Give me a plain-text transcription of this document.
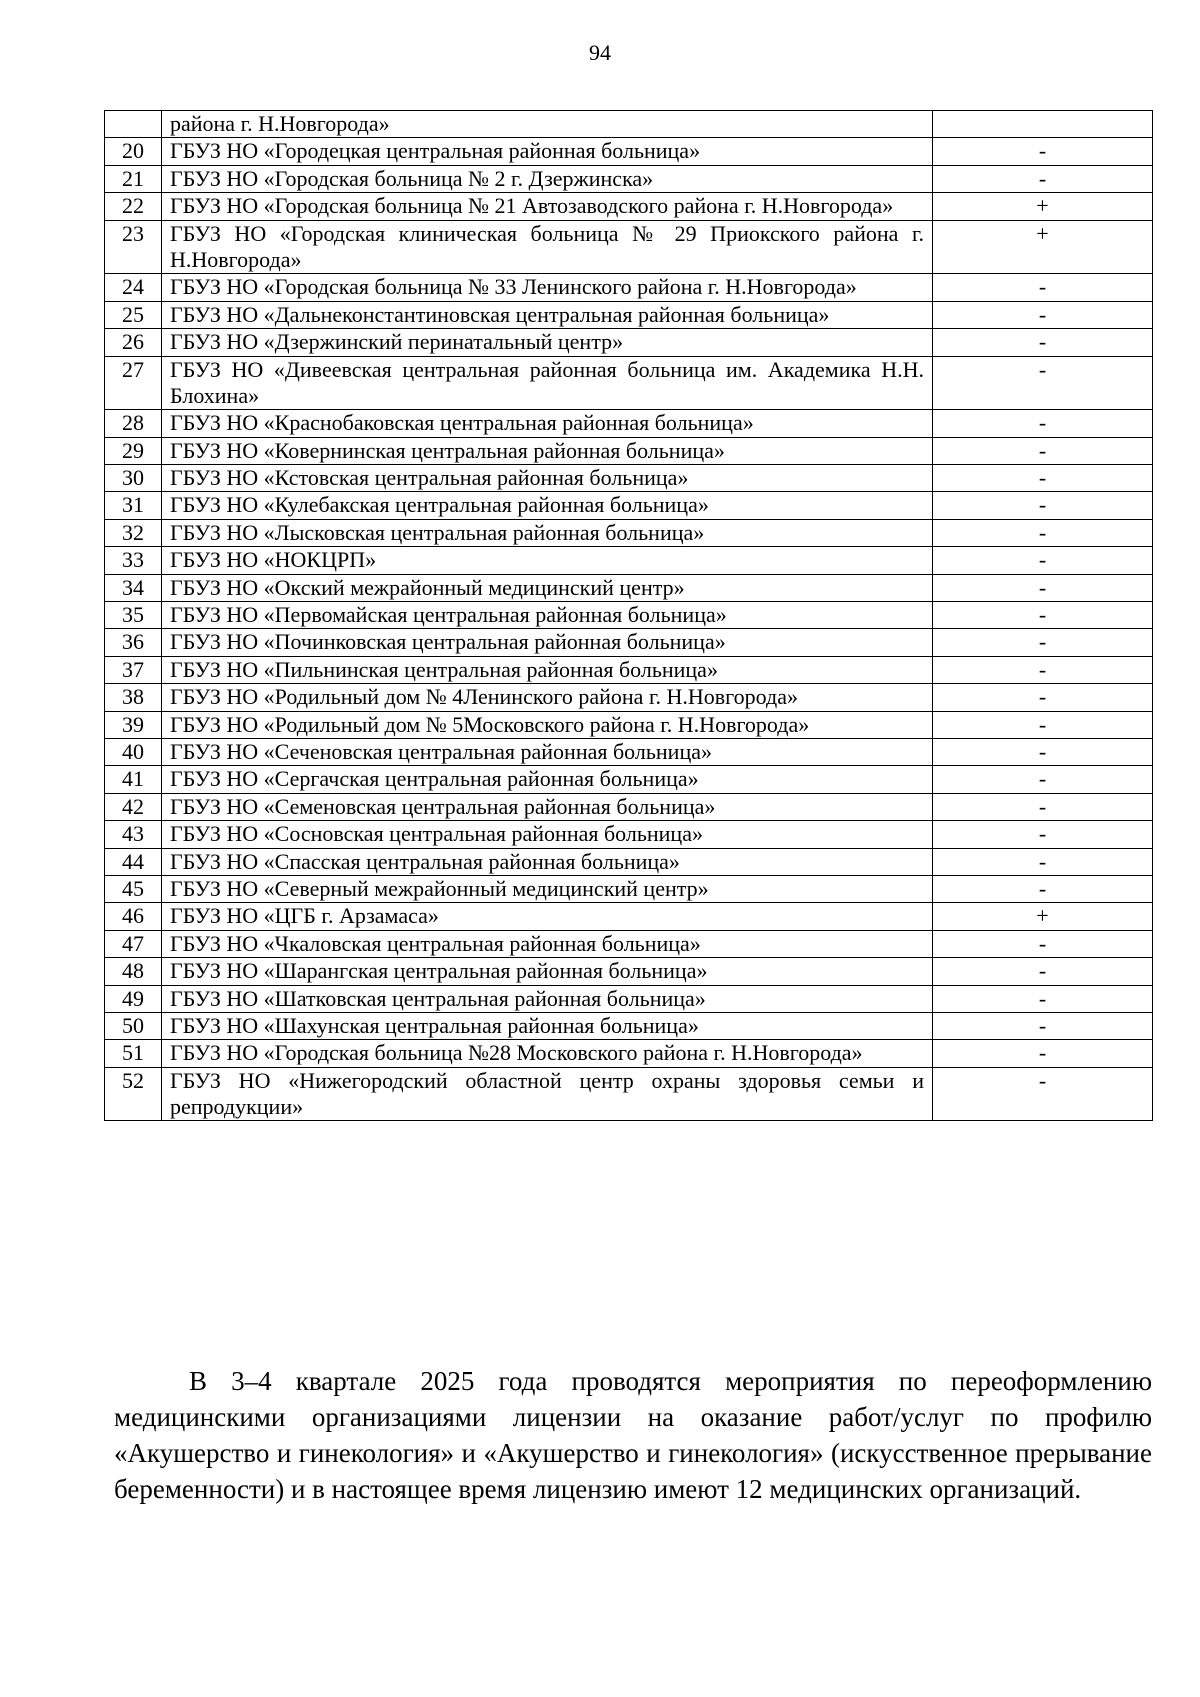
94
	района г. Н.Новгорода»	
20	ГБУЗ НО «Городецкая центральная районная больница»	-
21	ГБУЗ НО «Городская больница № 2 г. Дзержинска»	-
22	ГБУЗ НО «Городская больница № 21 Автозаводского района г. Н.Новгорода»	+
23	ГБУЗ НО «Городская клиническая больница № 29 Приокского района г. Н.Новгорода»	+
24	ГБУЗ НО «Городская больница № 33 Ленинского района г. Н.Новгорода»	-
25	ГБУЗ НО «Дальнеконстантиновская центральная районная больница»	-
26	ГБУЗ НО «Дзержинский перинатальный центр»	-
27	ГБУЗ НО «Дивеевская центральная районная больница им. Академика Н.Н. Блохина»	-
28	ГБУЗ НО «Краснобаковская центральная районная больница»	-
29	ГБУЗ НО «Ковернинская центральная районная больница»	-
30	ГБУЗ НО «Кстовская центральная районная больница»	-
31	ГБУЗ НО «Кулебакская центральная районная больница»	-
32	ГБУЗ НО «Лысковская центральная районная больница»	-
33	ГБУЗ НО «НОКЦРП»	-
34	ГБУЗ НО «Окский межрайонный медицинский центр»	-
35	ГБУЗ НО «Первомайская центральная районная больница»	-
36	ГБУЗ НО «Починковская центральная районная больница»	-
37	ГБУЗ НО «Пильнинская центральная районная больница»	-
38	ГБУЗ НО «Родильный дом № 4Ленинского района г. Н.Новгорода»	-
39	ГБУЗ НО «Родильный дом № 5Московского района г. Н.Новгорода»	-
40	ГБУЗ НО «Сеченовская центральная районная больница»	-
41	ГБУЗ НО «Сергачская центральная районная больница»	-
42	ГБУЗ НО «Семеновская центральная районная больница»	-
43	ГБУЗ НО «Сосновская центральная районная больница»	-
44	ГБУЗ НО «Спасская центральная районная больница»	-
45	ГБУЗ НО «Северный межрайонный медицинский центр»	-
46	ГБУЗ НО «ЦГБ г. Арзамаса»	+
47	ГБУЗ НО «Чкаловская центральная районная больница»	-
48	ГБУЗ НО «Шарангская центральная районная больница»	-
49	ГБУЗ НО «Шатковская центральная районная больница»	-
50	ГБУЗ НО «Шахунская центральная районная больница»	-
51	ГБУЗ НО «Городская больница №28 Московского района г. Н.Новгорода»	-
52	ГБУЗ НО «Нижегородский областной центр охраны здоровья семьи и репродукции»	-

В 3–4 квартале 2025 года проводятся мероприятия по переоформлению медицинскими организациями лицензии на оказание работ/услуг по профилю «Акушерство и гинекология» и «Акушерство и гинекология» (искусственное прерывание беременности) и в настоящее время лицензию имеют 12 медицинских организаций.
